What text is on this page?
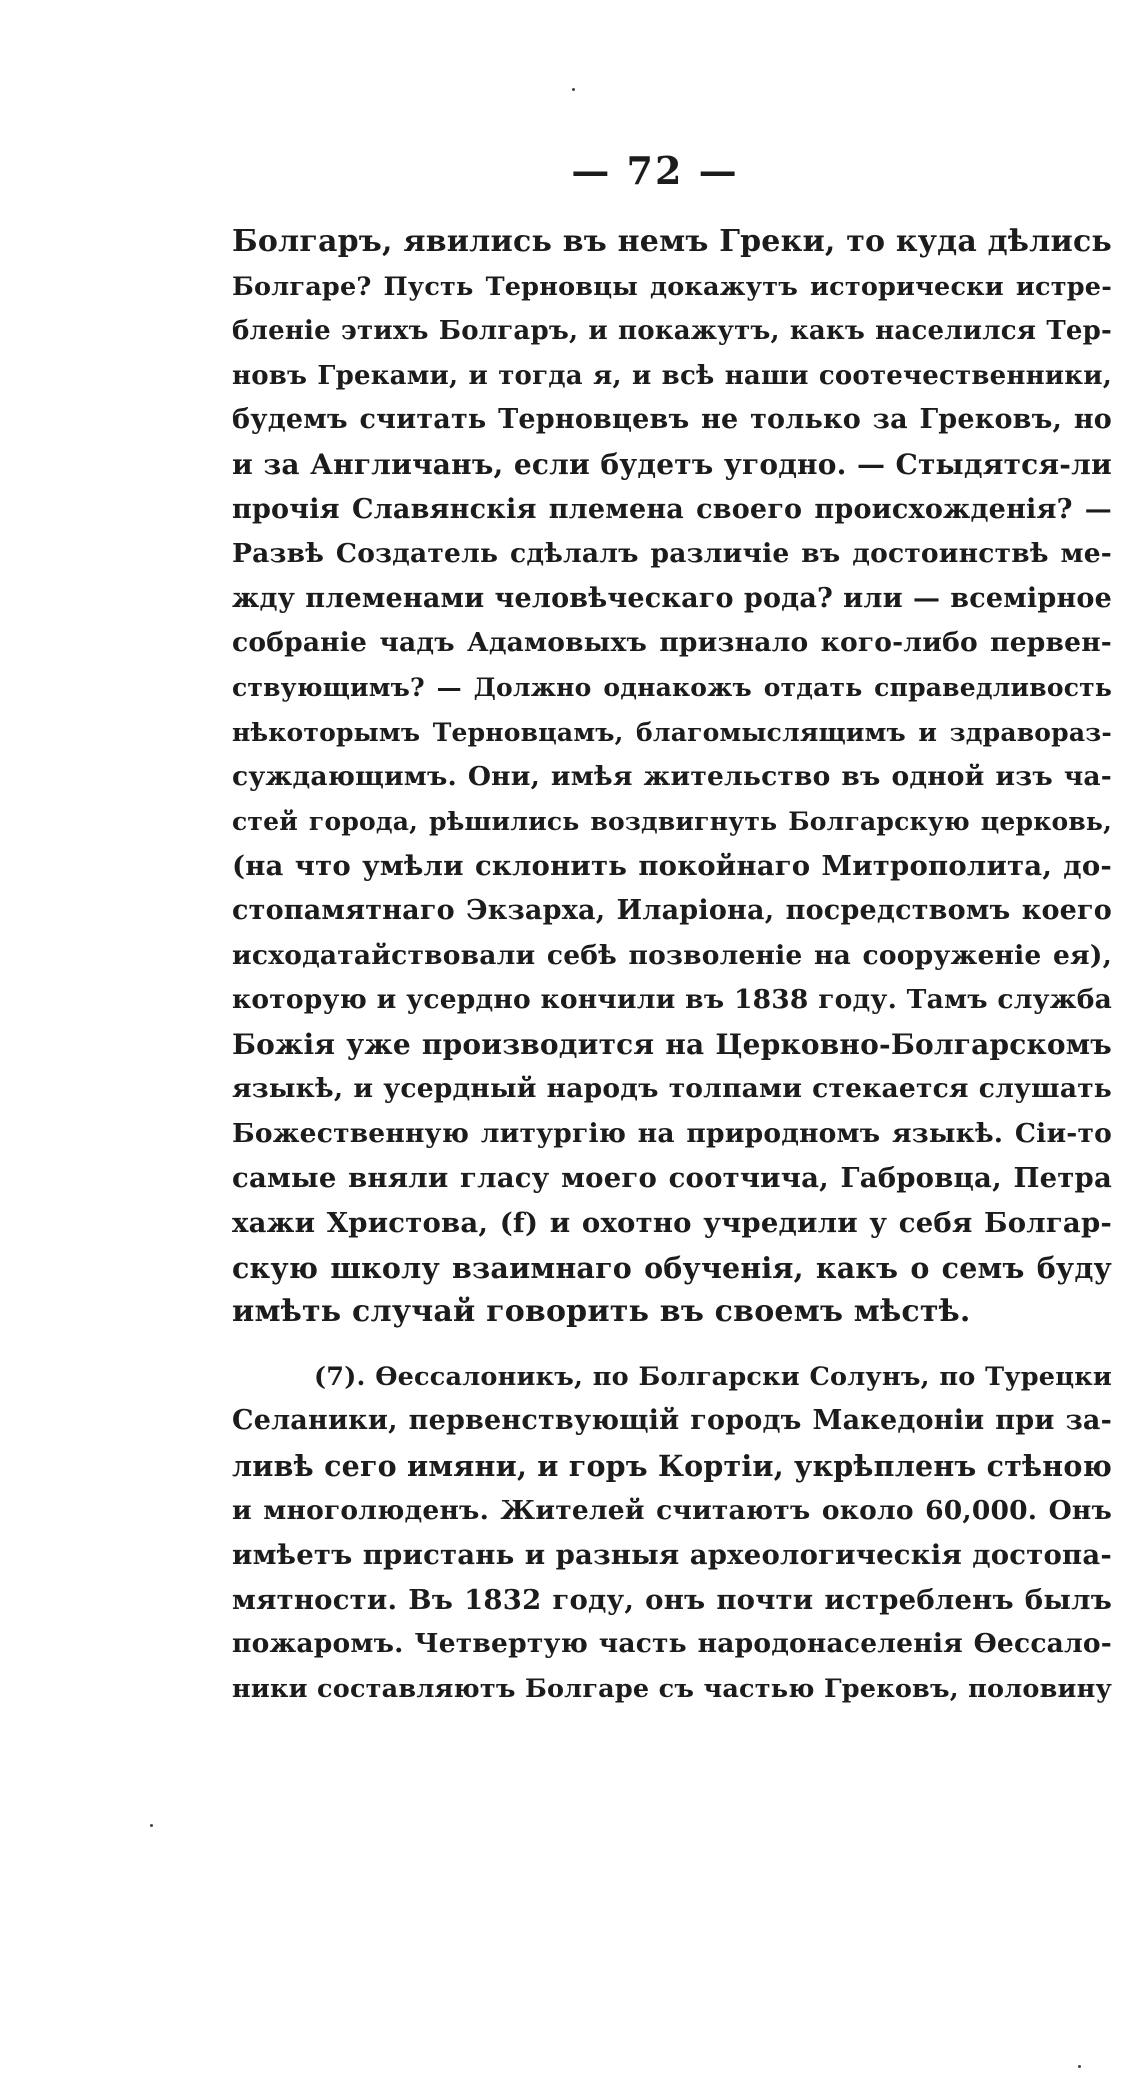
— 72 —
Болгаръ, явились въ немъ Греки, то куда дѣлись
Болгаре? Пусть Терновцы докажутъ исторически истре-
бленіе этихъ Болгаръ, и покажутъ, какъ населился Тер-
новъ Греками, и тогда я, и всѣ наши соотечественники,
будемъ считать Терновцевъ не только за Грековъ, но
и за Англичанъ, если будетъ угодно. — Стыдятся-ли
прочія Славянскія племена своего происхожденія? —
Развѣ Создатель сдѣлалъ различіе въ достоинствѣ ме-
жду племенами человѣческаго рода? или — всемірное
собраніе чадъ Адамовыхъ признало кого-либо первен-
ствующимъ? — Должно однакожъ отдать справедливость
нѣкоторымъ Терновцамъ, благомыслящимъ и здравораз-
суждающимъ. Они, имѣя жительство въ одной изъ ча-
стей города, рѣшились воздвигнуть Болгарскую церковь,
(на что умѣли склонить покойнаго Митрополита, до-
стопамятнаго Экзарха, Иларіона, посредствомъ коего
исходатайствовали себѣ позволеніе на сооруженіе ея),
которую и усердно кончили въ 1838 году. Тамъ служба
Божія уже производится на Церковно-Болгарскомъ
языкѣ, и усердный народъ толпами стекается слушать
Божественную литургію на природномъ языкѣ. Сіи-то
самые вняли гласу моего соотчича, Габровца, Петра
хажи Христова, (f) и охотно учредили у себя Болгар-
скую школу взаимнаго обученія, какъ о семъ буду
имѣть случай говорить въ своемъ мѣстѣ.
(7). Өессалоникъ, по Болгарски Солунъ, по Турецки
Селаники, первенствующій городъ Македоніи при за-
ливѣ сего имяни, и горъ Кортіи, укрѣпленъ стѣною
и многолюденъ. Жителей считаютъ около 60,000. Онъ
имѣетъ пристань и разныя археологическія достопа-
мятности. Въ 1832 году, онъ почти истребленъ былъ
пожаромъ. Четвертую часть народонаселенія Өессало-
ники составляютъ Болгаре съ частью Грековъ, половину
